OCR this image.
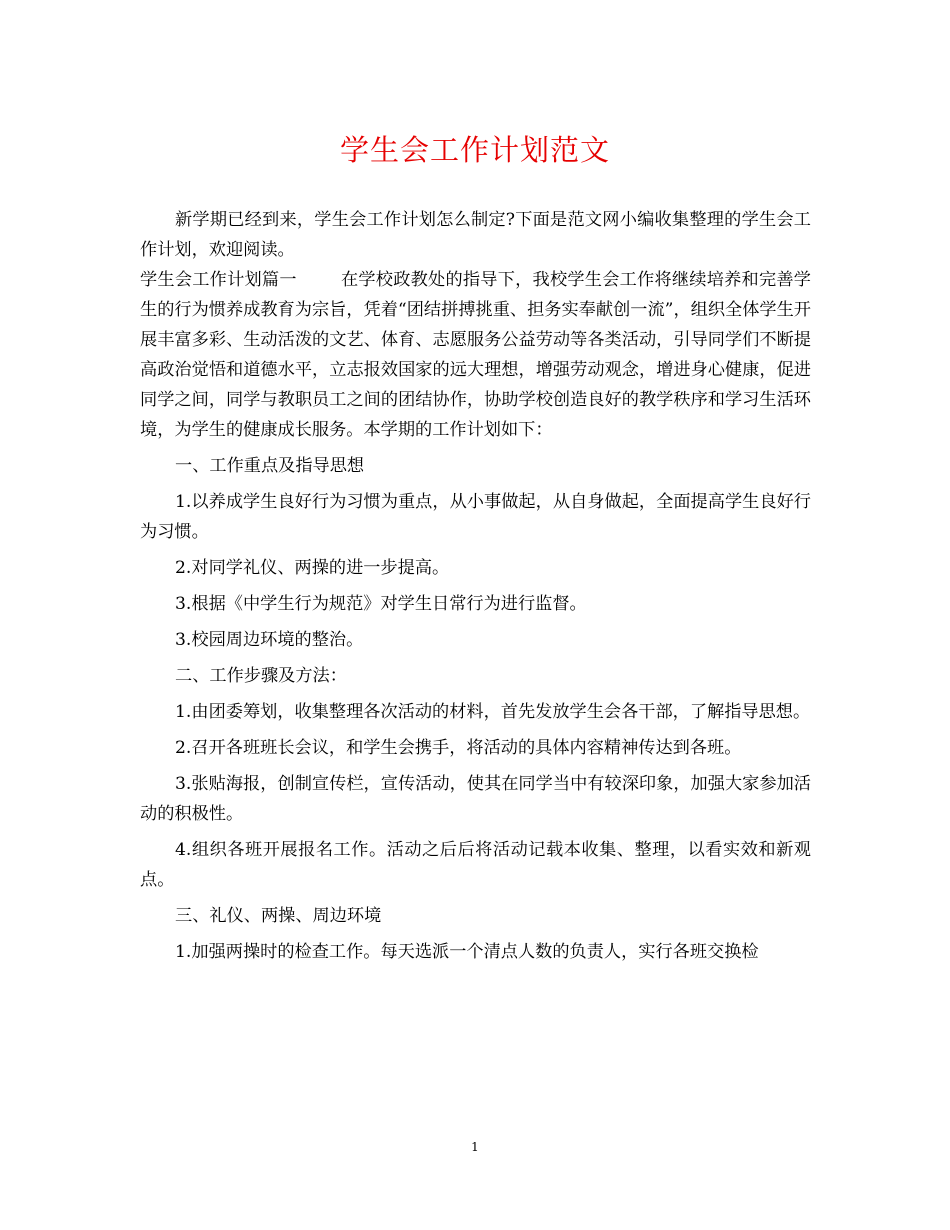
学生会工作计划范文

新学期已经到来，学生会工作计划怎么制定?下面是范文网小编收集整理的学生会工作计划，欢迎阅读。

学生会工作计划篇一	在学校政教处的指导下，我校学生会工作将继续培养和完善学生的行为惯养成教育为宗旨，凭着“团结拼搏挑重、担务实奉献创一流”，组织全体学生开展丰富多彩、生动活泼的文艺、体育、志愿服务公益劳动等各类活动，引导同学们不断提高政治觉悟和道德水平，立志报效国家的远大理想，增强劳动观念，增进身心健康，促进同学之间，同学与教职员工之间的团结协作，协助学校创造良好的教学秩序和学习生活环境，为学生的健康成长服务。本学期的工作计划如下：

一、工作重点及指导思想

1.以养成学生良好行为习惯为重点，从小事做起，从自身做起，全面提高学生良好行为习惯。

2.对同学礼仪、两操的进一步提高。

3.根据《中学生行为规范》对学生日常行为进行监督。

3.校园周边环境的整治。

二、工作步骤及方法：

1.由团委筹划，收集整理各次活动的材料，首先发放学生会各干部，了解指导思想。

2.召开各班班长会议，和学生会携手，将活动的具体内容精神传达到各班。

3.张贴海报，创制宣传栏，宣传活动，使其在同学当中有较深印象，加强大家参加活动的积极性。

4.组织各班开展报名工作。活动之后后将活动记载本收集、整理，以看实效和新观点。

三、礼仪、两操、周边环境

1.加强两操时的检查工作。每天选派一个清点人数的负责人，实行各班交换检

1
